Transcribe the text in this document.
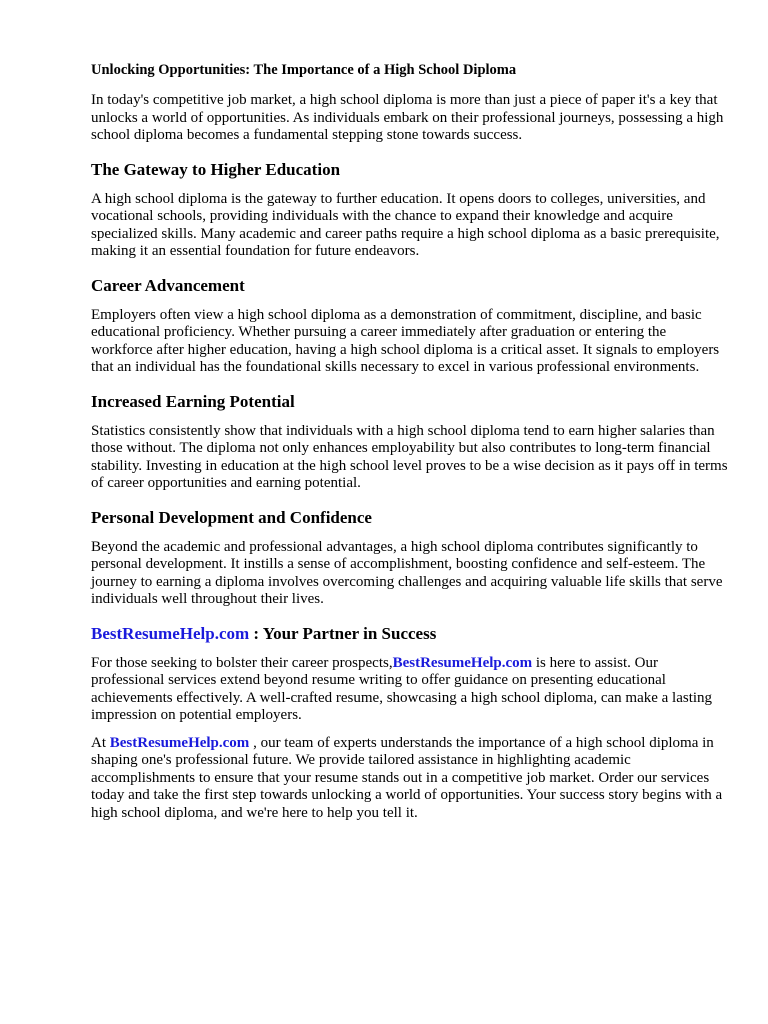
Unlocking Opportunities: The Importance of a High School Diploma

In today's competitive job market, a high school diploma is more than just a piece of paper it's a key that unlocks a world of opportunities. As individuals embark on their professional journeys, possessing a high school diploma becomes a fundamental stepping stone towards success.

The Gateway to Higher Education

A high school diploma is the gateway to further education. It opens doors to colleges, universities, and vocational schools, providing individuals with the chance to expand their knowledge and acquire specialized skills. Many academic and career paths require a high school diploma as a basic prerequisite, making it an essential foundation for future endeavors.

Career Advancement

Employers often view a high school diploma as a demonstration of commitment, discipline, and basic educational proficiency. Whether pursuing a career immediately after graduation or entering the workforce after higher education, having a high school diploma is a critical asset. It signals to employers that an individual has the foundational skills necessary to excel in various professional environments.

Increased Earning Potential

Statistics consistently show that individuals with a high school diploma tend to earn higher salaries than those without. The diploma not only enhances employability but also contributes to long-term financial stability. Investing in education at the high school level proves to be a wise decision as it pays off in terms of career opportunities and earning potential.

Personal Development and Confidence

Beyond the academic and professional advantages, a high school diploma contributes significantly to personal development. It instills a sense of accomplishment, boosting confidence and self-esteem. The journey to earning a diploma involves overcoming challenges and acquiring valuable life skills that serve individuals well throughout their lives.

BestResumeHelp.com : Your Partner in Success

For those seeking to bolster their career prospects,BestResumeHelp.com is here to assist. Our professional services extend beyond resume writing to offer guidance on presenting educational achievements effectively. A well-crafted resume, showcasing a high school diploma, can make a lasting impression on potential employers.

At BestResumeHelp.com , our team of experts understands the importance of a high school diploma in shaping one's professional future. We provide tailored assistance in highlighting academic accomplishments to ensure that your resume stands out in a competitive job market. Order our services today and take the first step towards unlocking a world of opportunities. Your success story begins with a high school diploma, and we're here to help you tell it.
